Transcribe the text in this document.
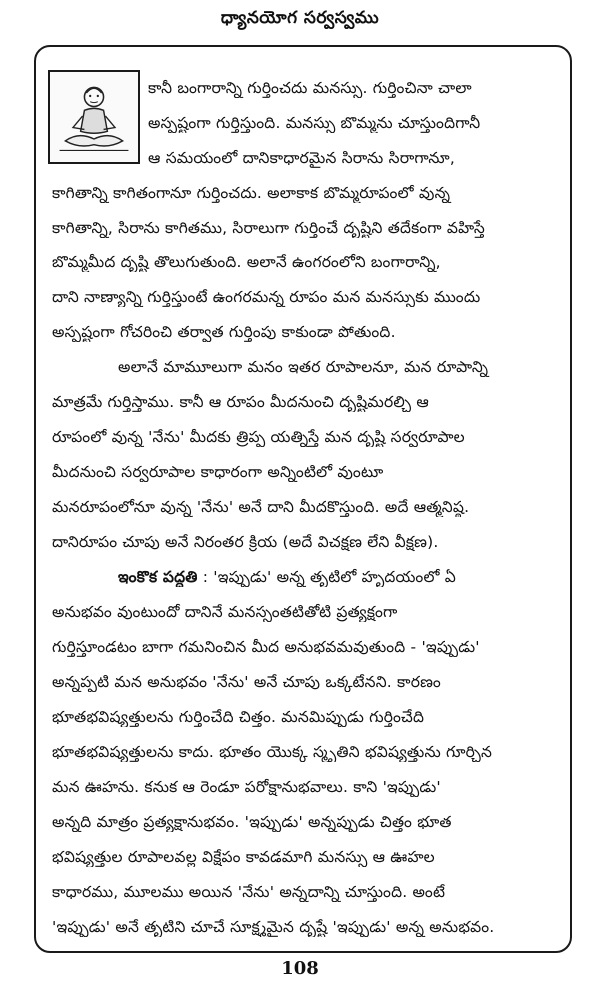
ధ్యానయోగ సర్వస్వము
కానీ బంగారాన్ని గుర్తించదు మనస్సు. గుర్తించినా చాలా
అస్పష్టంగా గుర్తిస్తుంది. మనస్సు బొమ్మను చూస్తుందిగానీ
ఆ సమయంలో దానికాధారమైన సిరాను సిరాగానూ,
కాగితాన్ని కాగితంగానూ గుర్తించదు. అలాకాక బొమ్మరూపంలో వున్న
కాగితాన్ని, సిరాను కాగితము, సిరాలుగా గుర్తించే దృష్టిని తదేకంగా వహిస్తే
బొమ్మమీద దృష్టి తొలుగుతుంది. అలానే ఉంగరంలోని బంగారాన్ని,
దాని నాణ్యాన్ని గుర్తిస్తుంటే ఉంగరమన్న రూపం మన మనస్సుకు ముందు
అస్పష్టంగా గోచరించి తర్వాత గుర్తింపు కాకుండా పోతుంది.
అలానే మామూలుగా మనం ఇతర రూపాలనూ, మన రూపాన్ని
మాత్రమే గుర్తిస్తాము. కానీ ఆ రూపం మీదనుంచి దృష్టిమరల్చి ఆ
రూపంలో వున్న 'నేను' మీదకు త్రిప్ప యత్నిస్తే మన దృష్టి సర్వరూపాల
మీదనుంచి సర్వరూపాల కాధారంగా అన్నింటిలో వుంటూ
మనరూపంలోనూ వున్న 'నేను' అనే దాని మీదకొస్తుంది. అదే ఆత్మనిష్ఠ.
దానిరూపం చూపు అనే నిరంతర క్రియ (అదే విచక్షణ లేని వీక్షణ).
ఇంకొక పద్ధతి : 'ఇప్పుడు' అన్న తృటిలో హృదయంలో ఏ
అనుభవం వుంటుందో దానినే మనస్సంతటితోటి ప్రత్యక్షంగా
గుర్తిస్తూండటం బాగా గమనించిన మీద అనుభవమవుతుంది - 'ఇప్పుడు'
అన్నప్పటి మన అనుభవం 'నేను' అనే చూపు ఒక్కటేనని. కారణం
భూతభవిష్యత్తులను గుర్తించేది చిత్తం. మనమిప్పుడు గుర్తించేది
భూతభవిష్యత్తులను కాదు. భూతం యొక్క స్మృతిని భవిష్యత్తును గూర్చిన
మన ఊహను. కనుక ఆ రెండూ పరోక్షానుభవాలు. కాని 'ఇప్పుడు'
అన్నది మాత్రం ప్రత్యక్షానుభవం. 'ఇప్పుడు' అన్నప్పుడు చిత్తం భూత
భవిష్యత్తుల రూపాలవల్ల విక్షేపం కావడమాగి మనస్సు ఆ ఊహల
కాధారము, మూలము అయిన 'నేను' అన్నదాన్ని చూస్తుంది. అంటే
'ఇప్పుడు' అనే తృటిని చూచే సూక్ష్మమైన దృష్టే 'ఇప్పుడు' అన్న అనుభవం.
108
